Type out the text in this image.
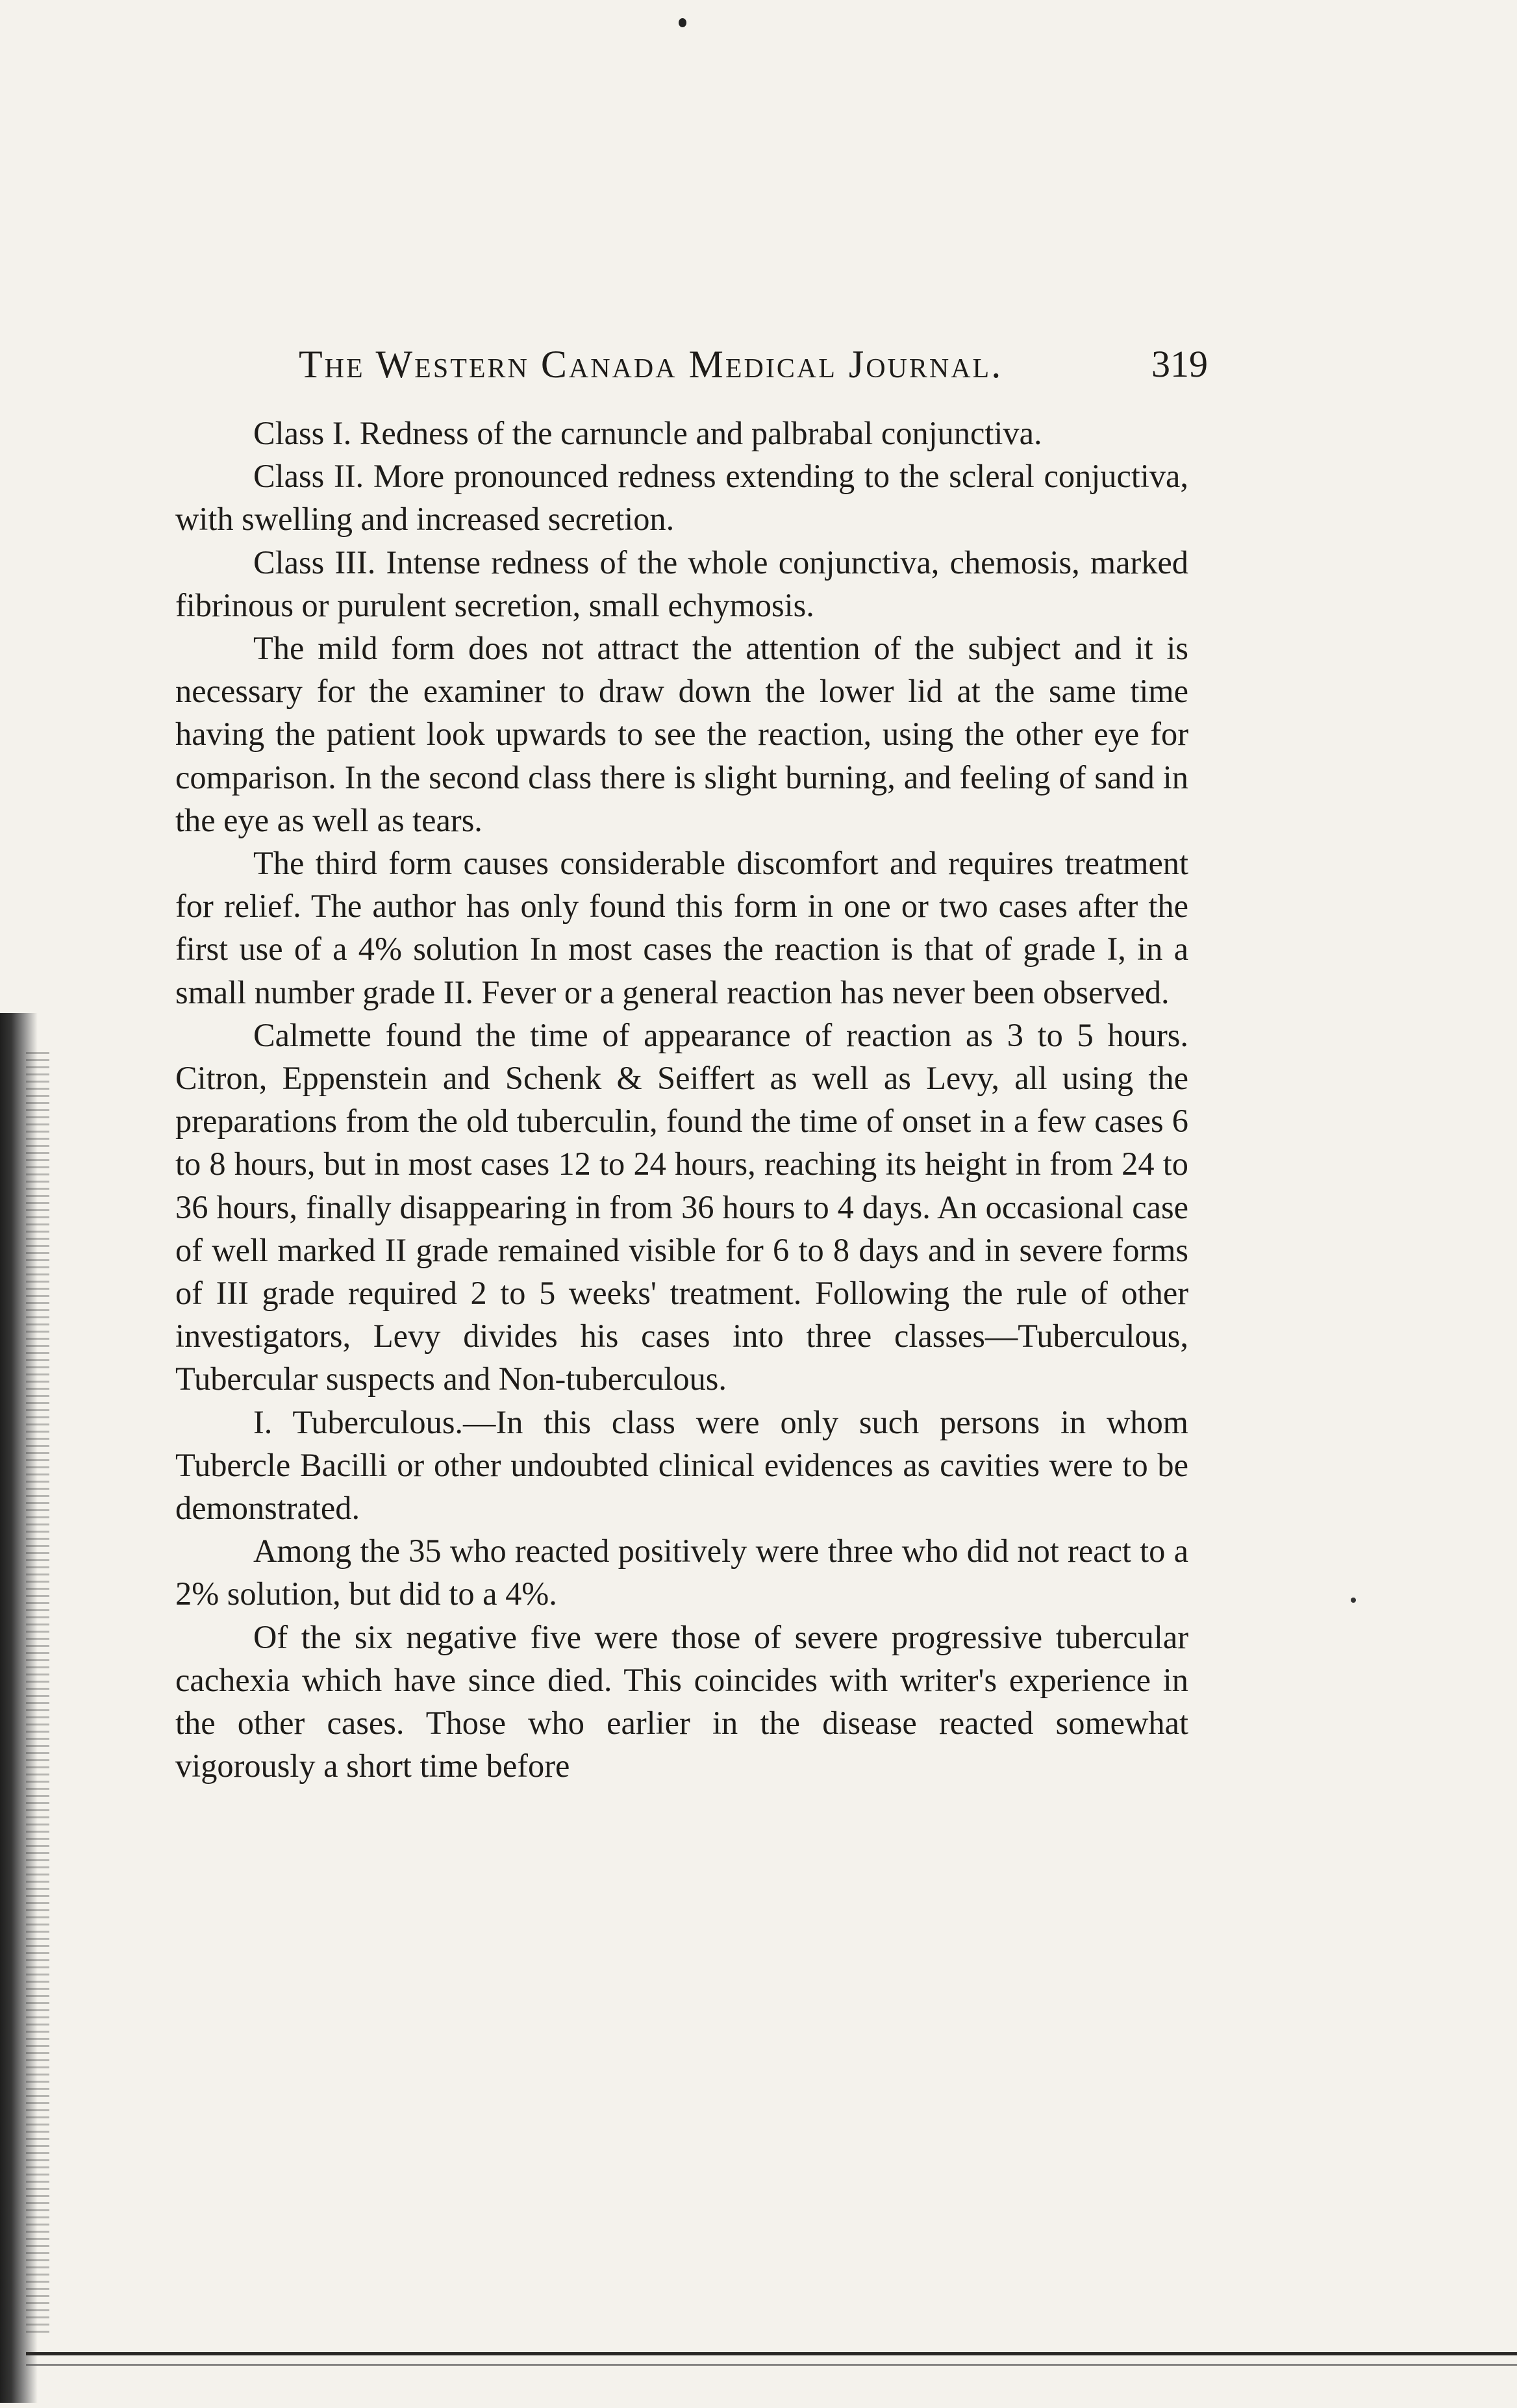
The Western Canada Medical Journal.	319

Class I. Redness of the carnuncle and palbrabal conjunctiva.

Class II. More pronounced redness extending to the scleral conjuctiva, with swelling and increased secretion.

Class III. Intense redness of the whole conjunctiva, chemosis, marked fibrinous or purulent secretion, small echymosis.

The mild form does not attract the attention of the subject and it is necessary for the examiner to draw down the lower lid at the same time having the patient look upwards to see the reaction, using the other eye for comparison. In the second class there is slight burning, and feeling of sand in the eye as well as tears.

The third form causes considerable discomfort and requires treatment for relief. The author has only found this form in one or two cases after the first use of a 4% solution In most cases the reaction is that of grade I, in a small number grade II. Fever or a general reaction has never been observed.

Calmette found the time of appearance of reaction as 3 to 5 hours. Citron, Eppenstein and Schenk & Seiffert as well as Levy, all using the preparations from the old tuberculin, found the time of onset in a few cases 6 to 8 hours, but in most cases 12 to 24 hours, reaching its height in from 24 to 36 hours, finally disappearing in from 36 hours to 4 days. An occasional case of well marked II grade remained visible for 6 to 8 days and in severe forms of III grade required 2 to 5 weeks' treatment. Following the rule of other investigators, Levy divides his cases into three classes—Tuberculous, Tubercular suspects and Non-tuberculous.

I. Tuberculous.—In this class were only such persons in whom Tubercle Bacilli or other undoubted clinical evidences as cavities were to be demonstrated.

Among the 35 who reacted positively were three who did not react to a 2% solution, but did to a 4%.

Of the six negative five were those of severe progressive tubercular cachexia which have since died. This coincides with writer's experience in the other cases. Those who earlier in the disease reacted somewhat vigorously a short time before
